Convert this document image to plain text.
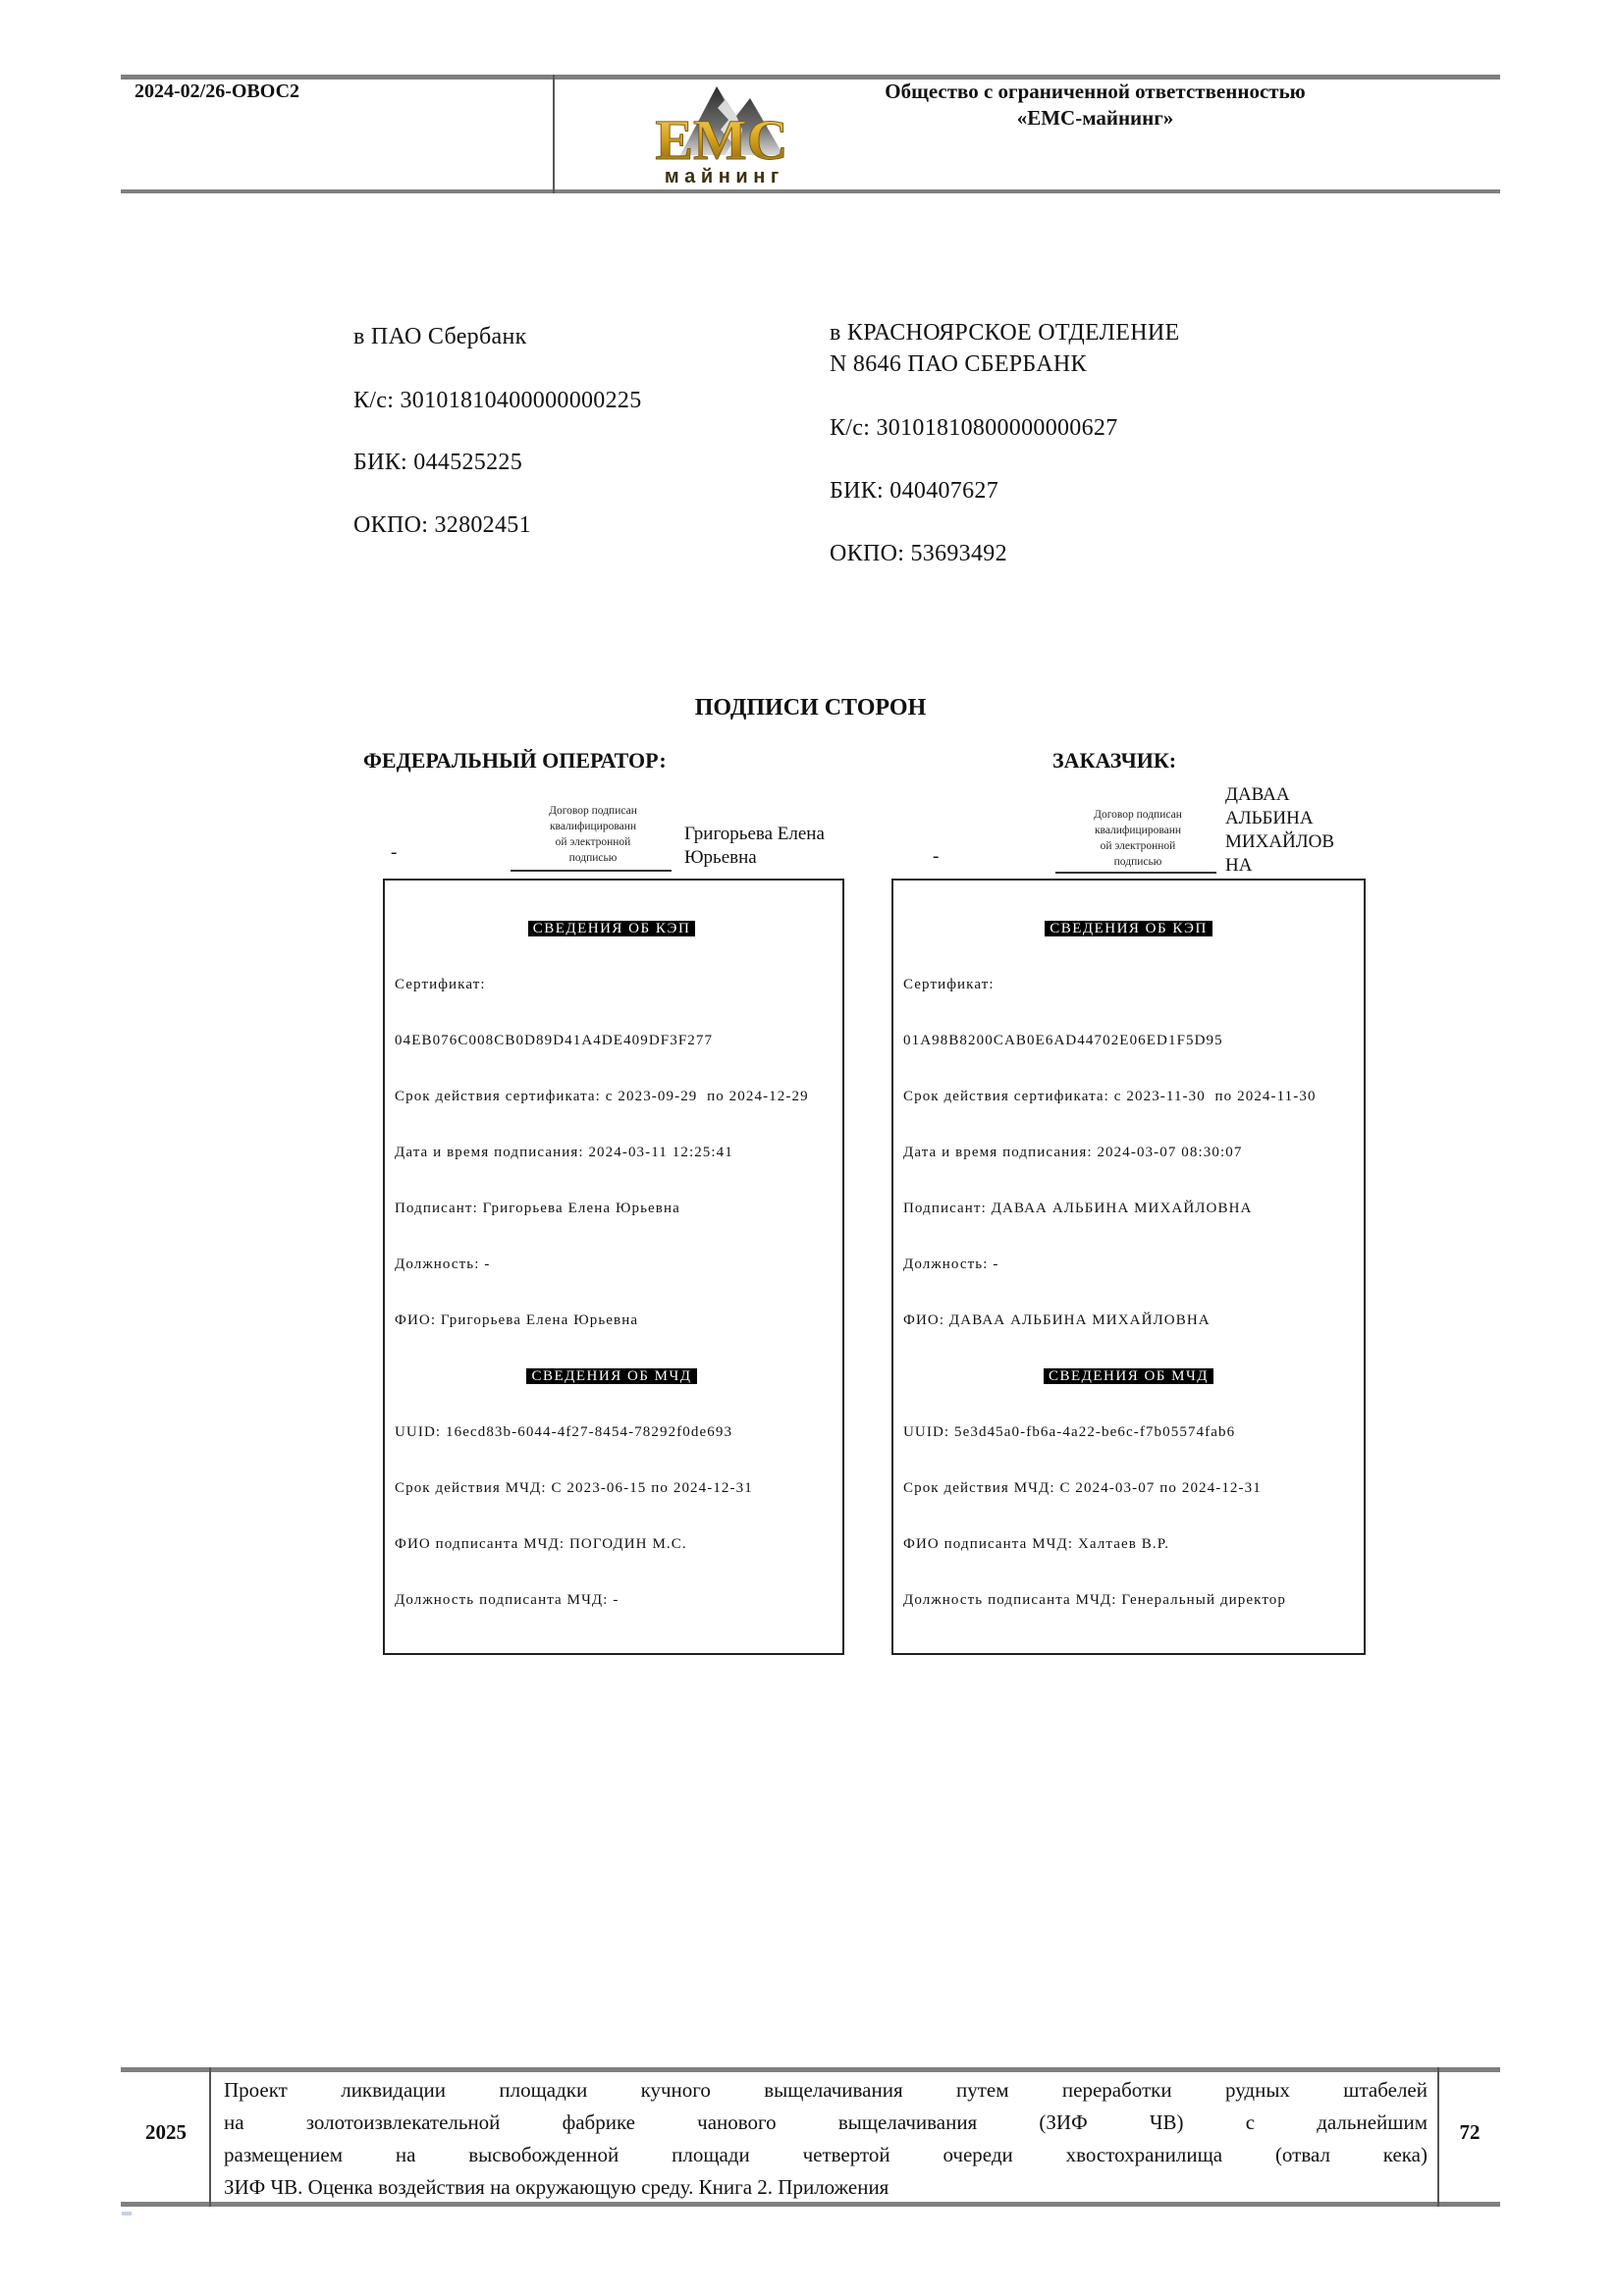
2024-02/26-ОВОС2
ЕМС
м а й н и н г
Общество с ограниченной ответственностью
«ЕМС-майнинг»
в ПАО Сбербанк
К/с: 30101810400000000225
БИК: 044525225
ОКПО: 32802451
в КРАСНОЯРСКОЕ ОТДЕЛЕНИЕ
N 8646 ПАО СБЕРБАНК
К/с: 30101810800000000627
БИК: 040407627
ОКПО: 53693492
ПОДПИСИ СТОРОН
ФЕДЕРАЛЬНЫЙ ОПЕРАТОР:	ЗАКАЗЧИК:
-
Договор подписан
квалифицированн
ой электронной
подписью
Григорьева Елена Юрьевна	-
Договор подписан
квалифицированн
ой электронной
подписью
ДАВАА АЛЬБИНА МИХАЙЛОВНА

СВЕДЕНИЯ ОБ КЭП

Сертификат:

04EB076C008CB0D89D41A4DE409DF3F277

Срок действия сертификата: с 2023-09-29  по 2024-12-29

Дата и время подписания: 2024-03-11 12:25:41

Подписант: Григорьева Елена Юрьевна

Должность: -

ФИО: Григорьева Елена Юрьевна

СВЕДЕНИЯ ОБ МЧД

UUID: 16ecd83b-6044-4f27-8454-78292f0de693

Срок действия МЧД: С 2023-06-15 по 2024-12-31

ФИО подписанта МЧД: ПОГОДИН М.С.

Должность подписанта МЧД: -

СВЕДЕНИЯ ОБ КЭП

Сертификат:

01A98B8200CAB0E6AD44702E06ED1F5D95

Срок действия сертификата: с 2023-11-30  по 2024-11-30

Дата и время подписания: 2024-03-07 08:30:07

Подписант: ДАВАА АЛЬБИНА МИХАЙЛОВНА

Должность: -

ФИО: ДАВАА АЛЬБИНА МИХАЙЛОВНА

СВЕДЕНИЯ ОБ МЧД

UUID: 5e3d45a0-fb6a-4a22-be6c-f7b05574fab6

Срок действия МЧД: С 2024-03-07 по 2024-12-31

ФИО подписанта МЧД: Халтаев В.Р.

Должность подписанта МЧД: Генеральный директор

2025
Проект ликвидации площадки кучного выщелачивания путем переработки рудных штабелей
на золотоизвлекательной фабрике чанового выщелачивания (ЗИФ ЧВ) с дальнейшим
размещением на высвобожденной площади четвертой очереди хвостохранилища (отвал кека)
ЗИФ ЧВ. Оценка воздействия на окружающую среду. Книга 2. Приложения
72
